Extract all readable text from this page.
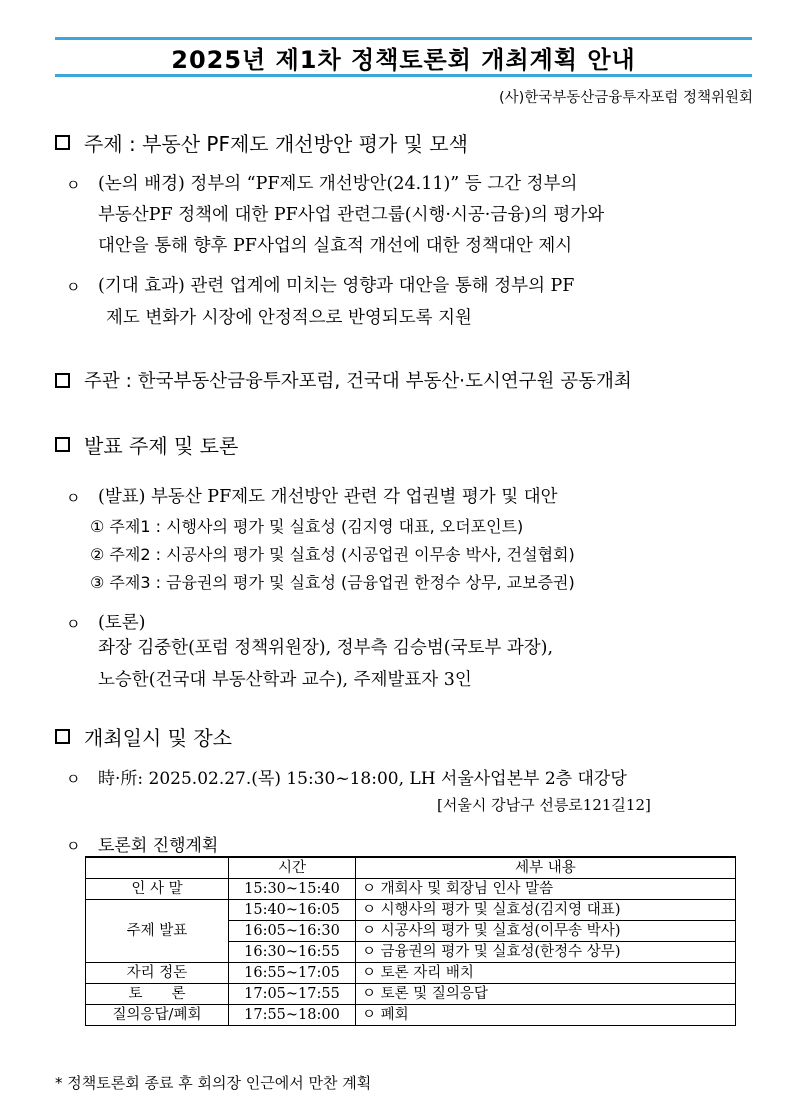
2025년 제1차 정책토론회 개최계획 안내
(사)한국부동산금융투자포럼 정책위원회
주제 : 부동산 PF제도 개선방안 평가 및 모색
ㅇ (논의 배경) 정부의 “PF제도 개선방안(24.11)” 등 그간 정부의
부동산PF 정책에 대한 PF사업 관련그룹(시행·시공·금융)의 평가와
대안을 통해 향후 PF사업의 실효적 개선에 대한 정책대안 제시
ㅇ (기대 효과) 관련 업계에 미치는 영향과 대안을 통해 정부의 PF
제도 변화가 시장에 안정적으로 반영되도록 지원
주관 : 한국부동산금융투자포럼, 건국대 부동산·도시연구원 공동개최
발표 주제 및 토론
ㅇ (발표) 부동산 PF제도 개선방안 관련 각 업권별 평가 및 대안
① 주제1 : 시행사의 평가 및 실효성 (김지영 대표, 오더포인트)
② 주제2 : 시공사의 평가 및 실효성 (시공업권 이무송 박사, 건설협회)
③ 주제3 : 금융권의 평가 및 실효성 (금융업권 한정수 상무, 교보증권)
ㅇ (토론)
좌장 김중한(포럼 정책위원장), 정부측 김승범(국토부 과장),
노승한(건국대 부동산학과 교수), 주제발표자 3인
개최일시 및 장소
ㅇ 時·所: 2025.02.27.(목) 15:30~18:00, LH 서울사업본부 2층 대강당
[서울시 강남구 선릉로121길12]
ㅇ 토론회 진행계획
	시간	세부 내용
인 사 말	15:30~15:40	ㅇ 개회사 및 회장님 인사 말씀
주제 발표	15:40~16:05	ㅇ 시행사의 평가 및 실효성(김지영 대표)
	16:05~16:30	ㅇ 시공사의 평가 및 실효성(이무송 박사)
	16:30~16:55	ㅇ 금융권의 평가 및 실효성(한정수 상무)
자리 정돈	16:55~17:05	ㅇ 토론 자리 배치
토　　론	17:05~17:55	ㅇ 토론 및 질의응답
질의응답/폐회	17:55~18:00	ㅇ 폐회
* 정책토론회 종료 후 회의장 인근에서 만찬 계획
